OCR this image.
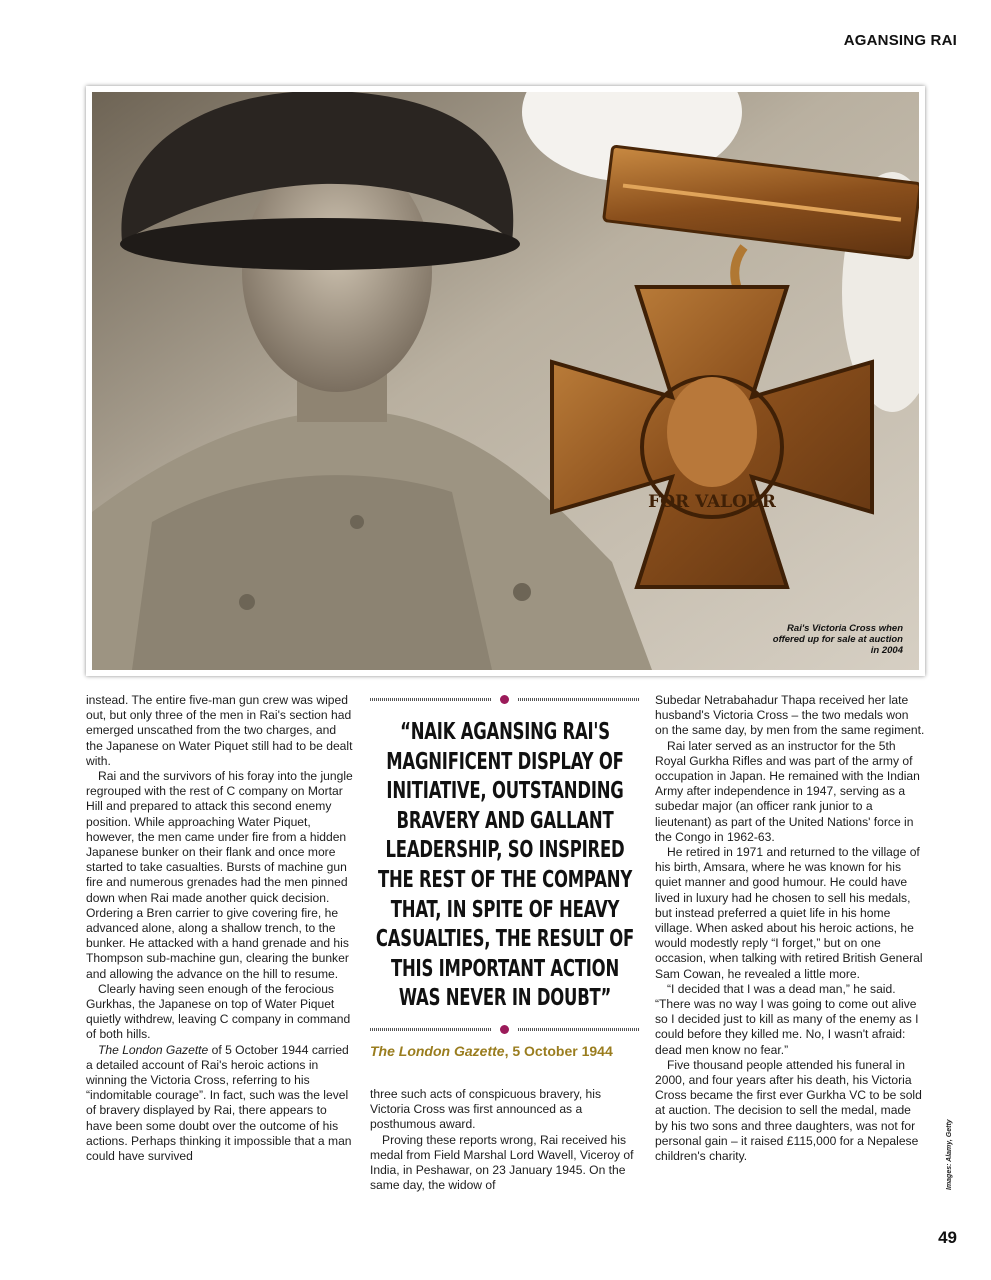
AGANSING RAI
FOR VALOUR
Rai's Victoria Cross when offered up for sale at auction in 2004

instead. The entire five-man gun crew was wiped out, but only three of the men in Rai's section had emerged unscathed from the two charges, and the Japanese on Water Piquet still had to be dealt with.

Rai and the survivors of his foray into the jungle regrouped with the rest of C company on Mortar Hill and prepared to attack this second enemy position. While approaching Water Piquet, however, the men came under fire from a hidden Japanese bunker on their flank and once more started to take casualties. Bursts of machine gun fire and numerous grenades had the men pinned down when Rai made another quick decision. Ordering a Bren carrier to give covering fire, he advanced alone, along a shallow trench, to the bunker. He attacked with a hand grenade and his Thompson sub-machine gun, clearing the bunker and allowing the advance on the hill to resume.

Clearly having seen enough of the ferocious Gurkhas, the Japanese on top of Water Piquet quietly withdrew, leaving C company in command of both hills.

The London Gazette of 5 October 1944 carried a detailed account of Rai's heroic actions in winning the Victoria Cross, referring to his “indomitable courage”. In fact, such was the level of bravery displayed by Rai, there appears to have been some doubt over the outcome of his actions. Perhaps thinking it impossible that a man could have survived

“NAIK AGANSING RAI'S MAGNIFICENT DISPLAY OF INITIATIVE, OUTSTANDING BRAVERY AND GALLANT LEADERSHIP, SO INSPIRED THE REST OF THE COMPANY THAT, IN SPITE OF HEAVY CASUALTIES, THE RESULT OF THIS IMPORTANT ACTION WAS NEVER IN DOUBT”
The London Gazette, 5 October 1944

three such acts of conspicuous bravery, his Victoria Cross was first announced as a posthumous award.

Proving these reports wrong, Rai received his medal from Field Marshal Lord Wavell, Viceroy of India, in Peshawar, on 23 January 1945. On the same day, the widow of

Subedar Netrabahadur Thapa received her late husband's Victoria Cross – the two medals won on the same day, by men from the same regiment.

Rai later served as an instructor for the 5th Royal Gurkha Rifles and was part of the army of occupation in Japan. He remained with the Indian Army after independence in 1947, serving as a subedar major (an officer rank junior to a lieutenant) as part of the United Nations' force in the Congo in 1962-63.

He retired in 1971 and returned to the village of his birth, Amsara, where he was known for his quiet manner and good humour. He could have lived in luxury had he chosen to sell his medals, but instead preferred a quiet life in his home village. When asked about his heroic actions, he would modestly reply “I forget,” but on one occasion, when talking with retired British General Sam Cowan, he revealed a little more.

“I decided that I was a dead man,” he said. “There was no way I was going to come out alive so I decided just to kill as many of the enemy as I could before they killed me. No, I wasn't afraid: dead men know no fear.”

Five thousand people attended his funeral in 2000, and four years after his death, his Victoria Cross became the first ever Gurkha VC to be sold at auction. The decision to sell the medal, made by his two sons and three daughters, was not for personal gain – it raised £115,000 for a Nepalese children's charity.	Images: Alamy, Getty
49
